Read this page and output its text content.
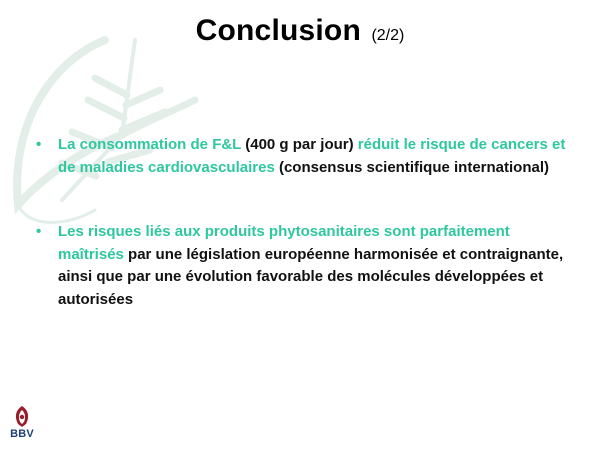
Conclusion (2/2)
• La consommation de F&L (400 g par jour) réduit le risque de cancers et de maladies cardiovasculaires (consensus scientifique international)
• Les risques liés aux produits phytosanitaires sont parfaitement maîtrisés par une législation européenne harmonisée et contraignante, ainsi que par une évolution favorable des molécules développées et autorisées
BBV
